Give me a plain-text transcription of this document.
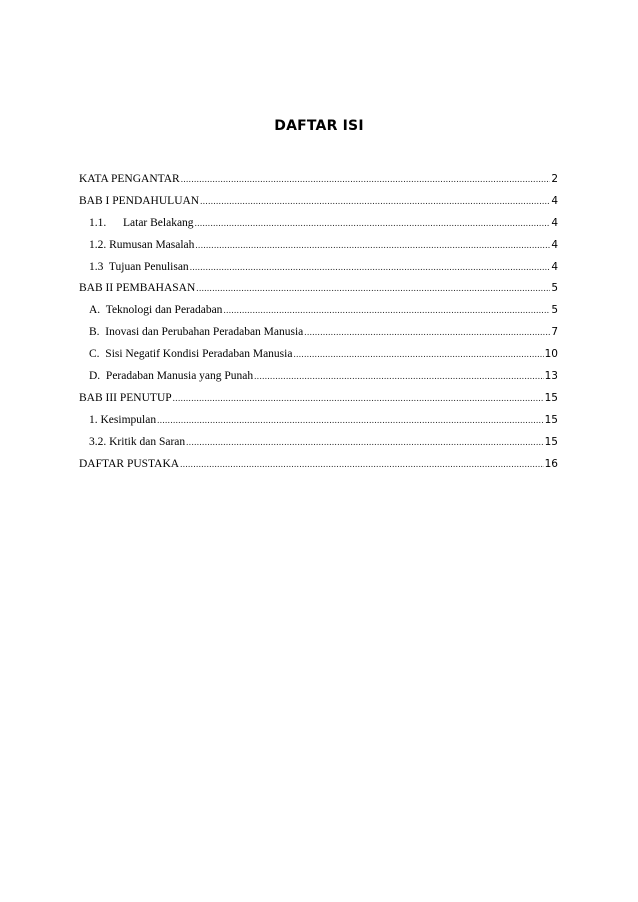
DAFTAR ISI
KATA PENGANTAR .....	2
BAB I PENDAHULUAN .....	4
1.1. Latar Belakang .....	4
1.2. Rumusan Masalah .....	4
1.3  Tujuan Penulisan .....	4
BAB II PEMBAHASAN .....	5
A.  Teknologi dan Peradaban .....	5
B.  Inovasi dan Perubahan Peradaban Manusia .....	7
C.  Sisi Negatif Kondisi Peradaban Manusia .....	10
D.  Peradaban Manusia yang Punah .....	13
BAB III PENUTUP .....	15
1. Kesimpulan .....	15
3.2. Kritik dan Saran .....	15
DAFTAR PUSTAKA .....	16
